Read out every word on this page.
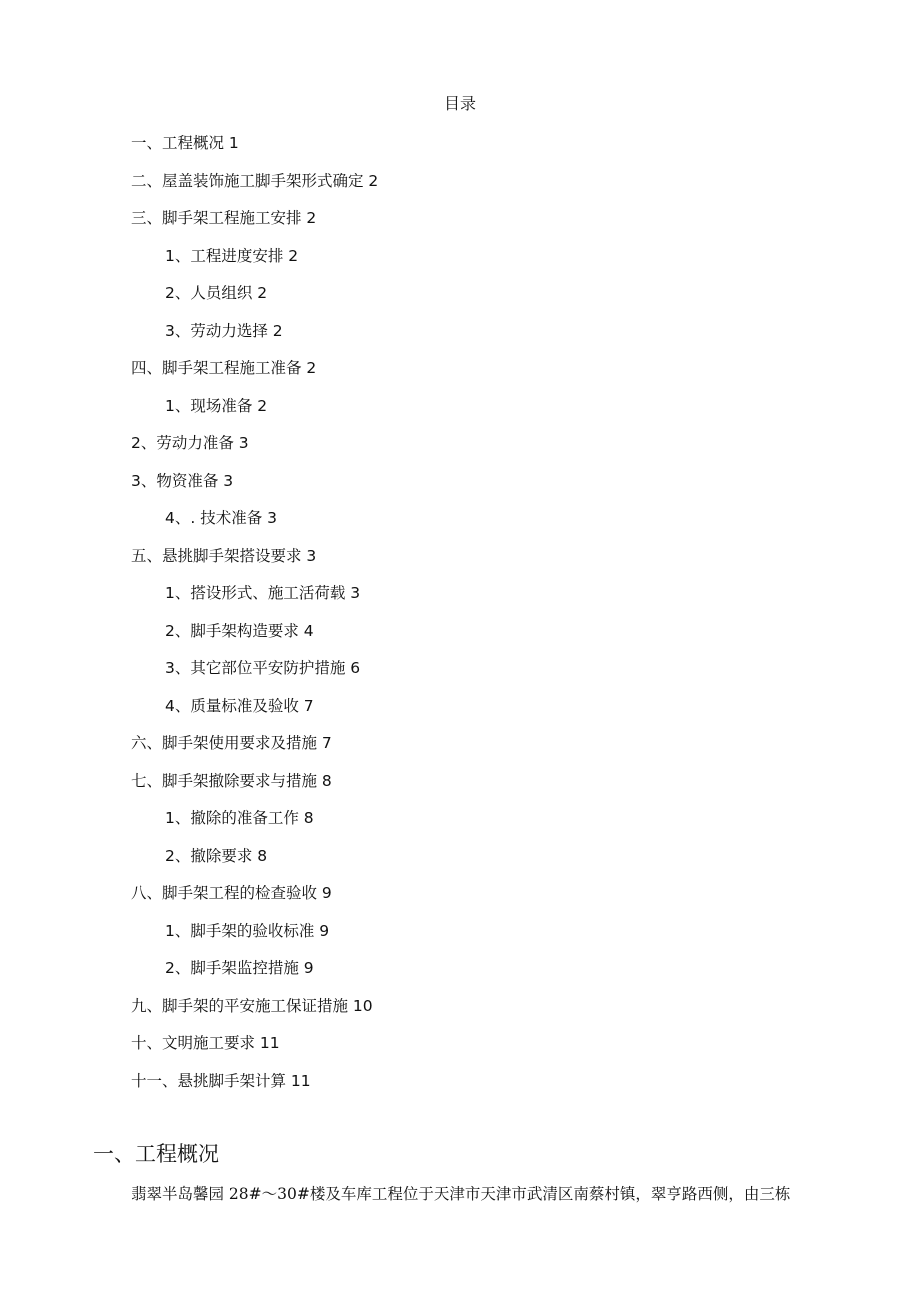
目录
一、工程概况 1
二、屋盖装饰施工脚手架形式确定 2
三、脚手架工程施工安排 2
1、工程进度安排 2
2、人员组织 2
3、劳动力选择 2
四、脚手架工程施工准备 2
1、现场准备 2
2、劳动力准备 3
3、物资准备 3
4、. 技术准备 3
五、悬挑脚手架搭设要求 3
1、搭设形式、施工活荷载 3
2、脚手架构造要求 4
3、其它部位平安防护措施 6
4、质量标准及验收 7
六、脚手架使用要求及措施 7
七、脚手架撤除要求与措施 8
1、撤除的准备工作 8
2、撤除要求 8
八、脚手架工程的检查验收 9
1、脚手架的验收标准 9
2、脚手架监控措施 9
九、脚手架的平安施工保证措施 10
十、文明施工要求 11
十一、悬挑脚手架计算 11
一、工程概况
翡翠半岛馨园 28#～30#楼及车库工程位于天津市天津市武清区南蔡村镇，翠亨路西侧，由三栋
